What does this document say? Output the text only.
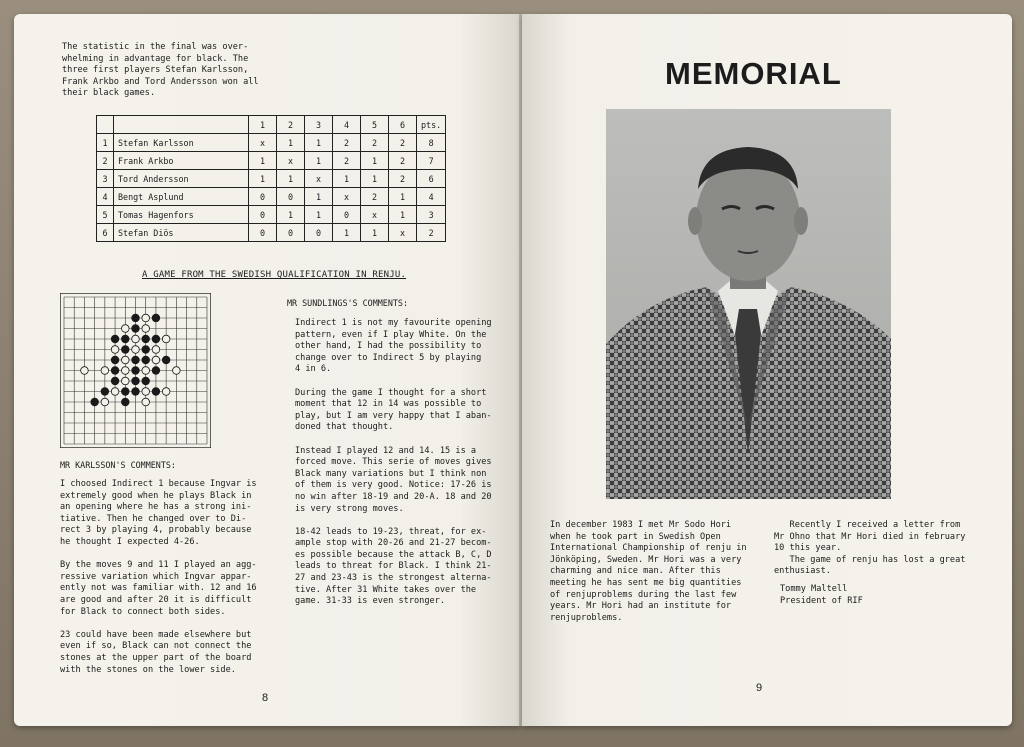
The statistic in the final was over-
whelming in advantage for black. The
three first players Stefan Karlsson,
Frank Arkbo and Tord Andersson won all
their black games.
		1	2	3	4	5	6	pts.
1	Stefan Karlsson	x	1	1	2	2	2	8
2	Frank Arkbo	1	x	1	2	1	2	7
3	Tord Andersson	1	1	x	1	1	2	6
4	Bengt Asplund	0	0	1	x	2	1	4
5	Tomas Hagenfors	0	1	1	0	x	1	3
6	Stefan Diös	0	0	0	1	1	x	2
A GAME FROM THE SWEDISH QUALIFICATION IN RENJU.
MR KARLSSON'S COMMENTS:
I choosed Indirect 1 because Ingvar is
extremely good when he plays Black in
an opening where he has a strong ini-
tiative. Then he changed over to Di-
rect 3 by playing 4, probably because
he thought I expected 4-26.

By the moves 9 and 11 I played an agg-
ressive variation which Ingvar appar-
ently not was familiar with. 12 and 16
are good and after 20 it is difficult
for Black to connect both sides.

23 could have been made elsewhere but
even if so, Black can not connect the
stones at the upper part of the board
with the stones on the lower side.
MR SUNDLINGS'S COMMENTS:
Indirect 1 is not my favourite opening
pattern, even if I play White. On the
other hand, I had the possibility to
change over to Indirect 5 by playing
4 in 6.

During the game I thought for a short
moment that 12 in 14 was possible to
play, but I am very happy that I aban-
doned that thought.

Instead I played 12 and 14. 15 is a
forced move. This serie of moves gives
Black many variations but I think non
of them is very good. Notice: 17-26 is
no win after 18-19 and 20-A. 18 and 20
is very strong moves.

18-42 leads to 19-23, threat, for ex-
ample stop with 20-26 and 21-27 becom-
es possible because the attack B, C, D
leads to threat for Black. I think 21-
27 and 23-43 is the strongest alterna-
tive. After 31 White takes over the
game. 31-33 is even stronger.
8
MEMORIAL
In december 1983 I met Mr Sodo Hori
when he took part in Swedish Open
International Championship of renju in
Jönköping, Sweden. Mr Hori was a very
charming and nice man. After this
meeting he has sent me big quantities
of renjuproblems during the last few
years. Mr Hori had an institute for
renjuproblems.
Recently I received a letter from
Mr Ohno that Mr Hori died in february
10 this year.
The game of renju has lost a great
enthusiast.
Tommy Maltell
President of RIF
9
